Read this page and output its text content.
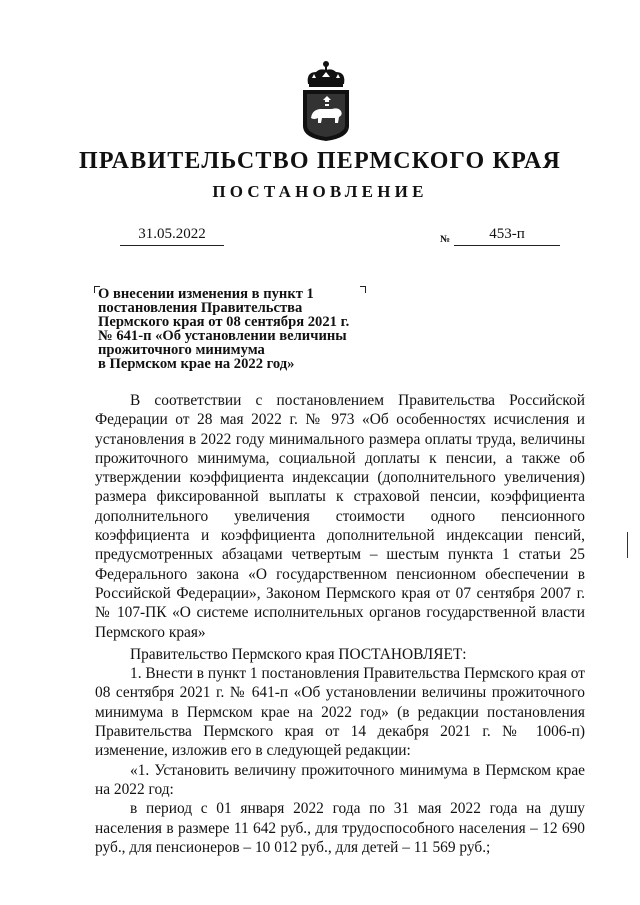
ПРАВИТЕЛЬСТВО ПЕРМСКОГО КРАЯ
ПОСТАНОВЛЕНИЕ
31.05.2022	№	453-п
О внесении изменения в пункт 1
постановления Правительства
Пермского края от 08 сентября 2021 г.
№ 641-п «Об установлении величины
прожиточного минимума
в Пермском крае на 2022 год»

В соответствии с постановлением Правительства Российской Федерации от 28 мая 2022 г. № 973 «Об особенностях исчисления и установления в 2022 году минимального размера оплаты труда, величины прожиточного минимума, социальной доплаты к пенсии, а также об утверждении коэффициента индексации (дополнительного увеличения) размера фиксированной выплаты к страховой пенсии, коэффициента дополнительного увеличения стоимости одного пенсионного коэффициента и коэффициента дополнительной индексации пенсий, предусмотренных абзацами четвертым – шестым пункта 1 статьи 25 Федерального закона «О государственном пенсионном обеспечении в Российской Федерации», Законом Пермского края от 07 сентября 2007 г. № 107-ПК «О системе исполнительных органов государственной власти Пермского края»

Правительство Пермского края ПОСТАНОВЛЯЕТ:

1. Внести в пункт 1 постановления Правительства Пермского края от 08 сентября 2021 г. № 641-п «Об установлении величины прожиточного минимума в Пермском крае на 2022 год» (в редакции постановления Правительства Пермского края от 14 декабря 2021 г. № 1006-п) изменение, изложив его в следующей редакции:

«1. Установить величину прожиточного минимума в Пермском крае на 2022 год:

в период с 01 января 2022 года по 31 мая 2022 года на душу населения в размере 11 642 руб., для трудоспособного населения – 12 690 руб., для пенсионеров – 10 012 руб., для детей – 11 569 руб.;
